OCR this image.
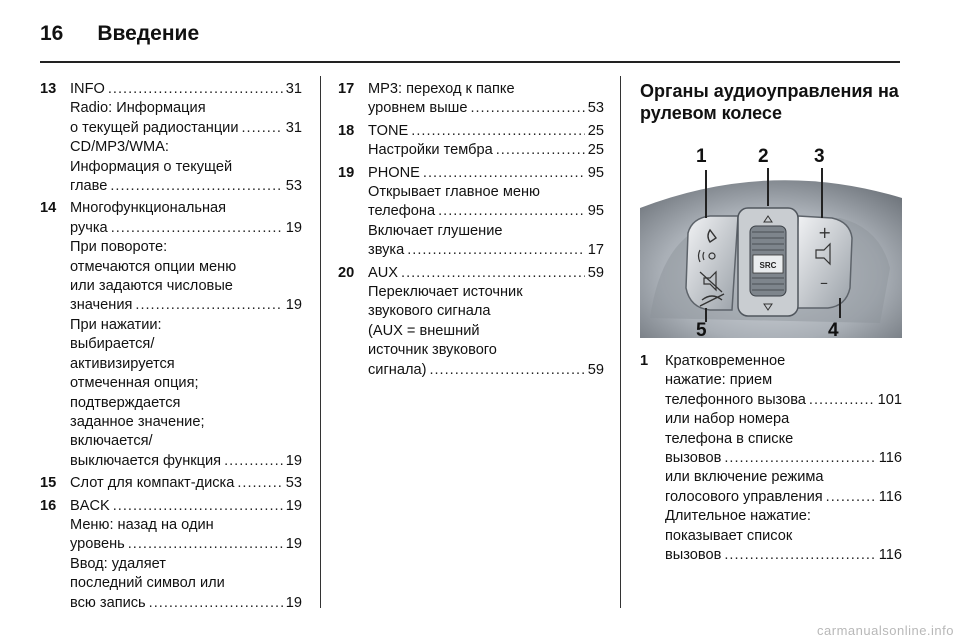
16 Введение
13 INFO .....	31
Radio: Информация
о текущей радиостанции .....	31
CD/MP3/WMA:
Информация о текущей
главе .....	53
14 Многофункциональная
ручка .....	19
При повороте:
отмечаются опции меню
или задаются числовые
значения .....	19
При нажатии:
выбирается/
активизируется
отмеченная опция;
подтверждается
заданное значение;
включается/
выключается функция .....	19
15 Слот для компакт-диска .....	53
16 BACK .....	19
Меню: назад на один
уровень .....	19
Ввод: удаляет
последний символ или
всю запись .....	19
17 MP3: переход к папке
уровнем выше .....	53
18 TONE .....	25
Настройки тембра .....	25
19 PHONE .....	95
Открывает главное меню
телефона .....	95
Включает глушение
звука .....	17
20 AUX .....	59
Переключает источник
звукового сигнала
(AUX = внешний
источник звукового
сигнала) .....	59
Органы аудиоуправления на рулевом колесе
SRC
+
–
1	2 3
4
5
1 Кратковременное
нажатие: прием
телефонного вызова .....	101
или набор номера
телефона в списке
вызовов .....	116
или включение режима
голосового управления .....	116
Длительное нажатие:
показывает список
вызовов .....	116
carmanualsonline.info
